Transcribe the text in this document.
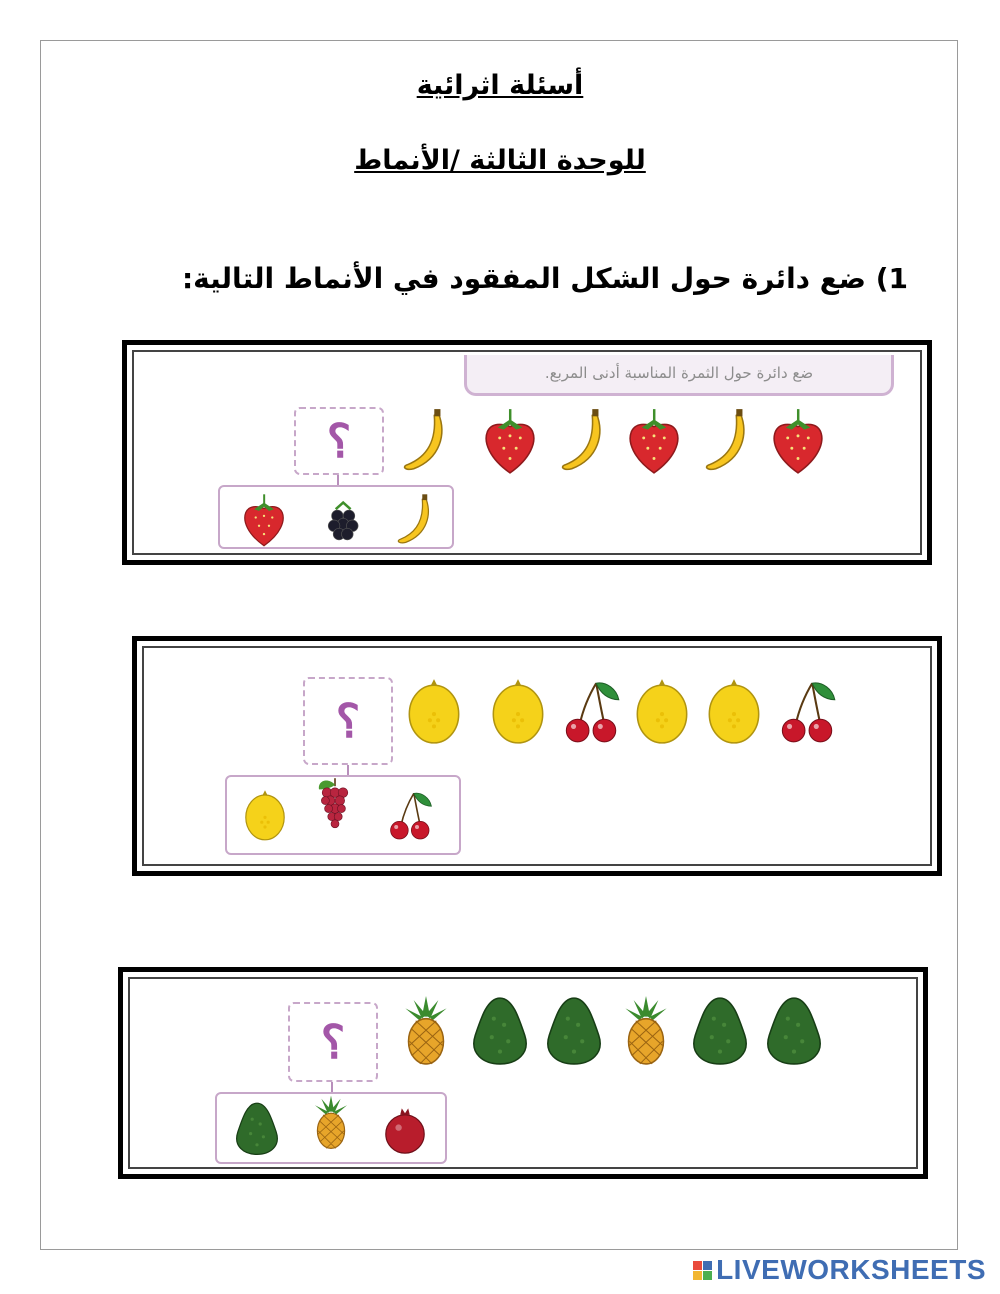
أسئلة اثرائية
للوحدة الثالثة /الأنماط
1) ضع دائرة حول الشكل المفقود في الأنماط التالية:
ضع دائرة حول الثمرة المناسبة أدنى المربع.
؟
؟
؟
LIVEWORKSHEETS
